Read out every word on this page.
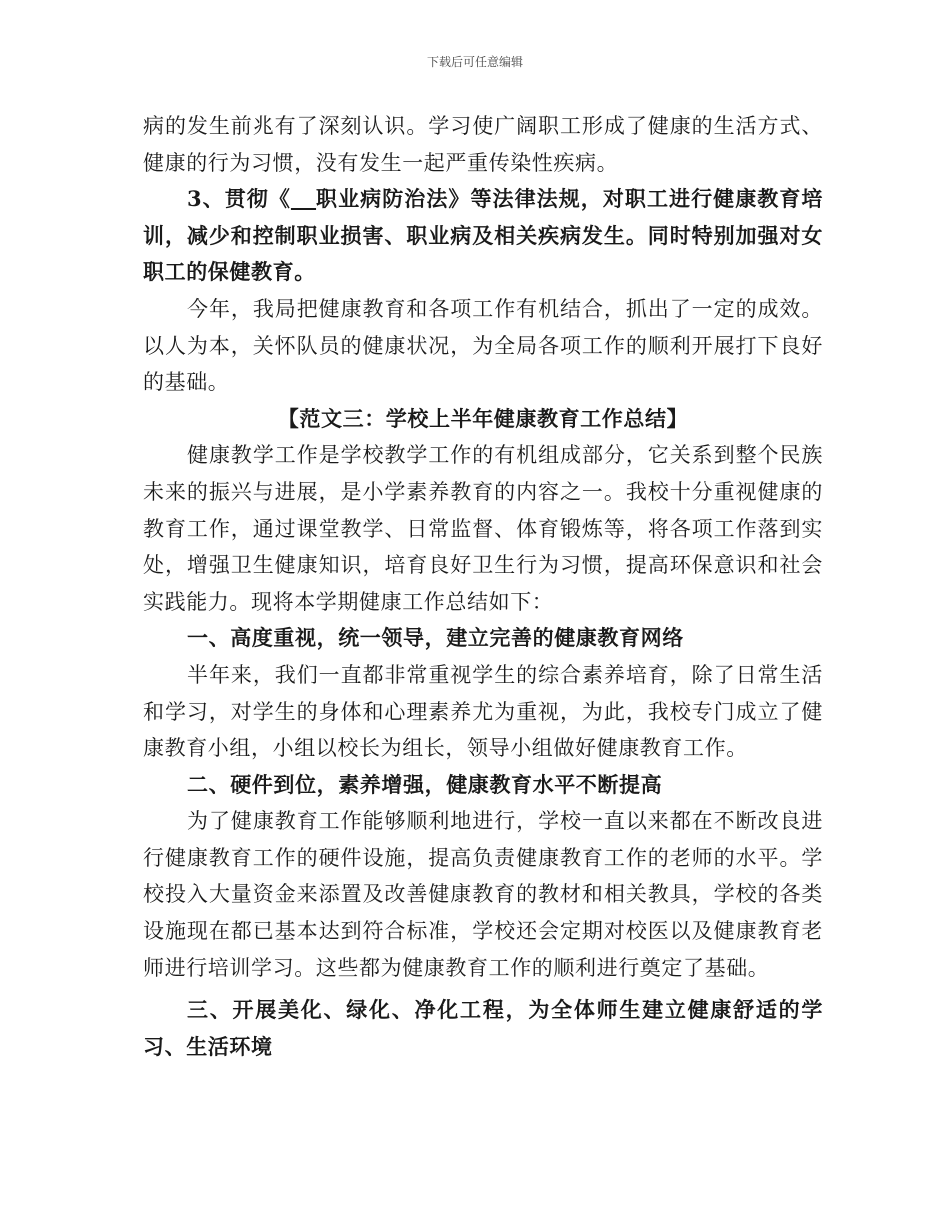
下载后可任意编辑

病的发生前兆有了深刻认识。学习使广阔职工形成了健康的生活方式、健康的行为习惯，没有发生一起严重传染性疾病。

3、贯彻《 职业病防治法》等法律法规，对职工进行健康教育培训，减少和控制职业损害、职业病及相关疾病发生。同时特别加强对女职工的保健教育。

今年，我局把健康教育和各项工作有机结合，抓出了一定的成效。以人为本，关怀队员的健康状况，为全局各项工作的顺利开展打下良好的基础。

【范文三：学校上半年健康教育工作总结】

健康教学工作是学校教学工作的有机组成部分，它关系到整个民族未来的振兴与进展，是小学素养教育的内容之一。我校十分重视健康的教育工作，通过课堂教学、日常监督、体育锻炼等，将各项工作落到实处，增强卫生健康知识，培育良好卫生行为习惯，提高环保意识和社会实践能力。现将本学期健康工作总结如下：

一、高度重视，统一领导，建立完善的健康教育网络

半年来，我们一直都非常重视学生的综合素养培育，除了日常生活和学习，对学生的身体和心理素养尤为重视，为此，我校专门成立了健康教育小组，小组以校长为组长，领导小组做好健康教育工作。

二、硬件到位，素养增强，健康教育水平不断提高

为了健康教育工作能够顺利地进行，学校一直以来都在不断改良进行健康教育工作的硬件设施，提高负责健康教育工作的老师的水平。学校投入大量资金来添置及改善健康教育的教材和相关教具，学校的各类设施现在都已基本达到符合标准，学校还会定期对校医以及健康教育老师进行培训学习。这些都为健康教育工作的顺利进行奠定了基础。

三、开展美化、绿化、净化工程，为全体师生建立健康舒适的学习、生活环境
